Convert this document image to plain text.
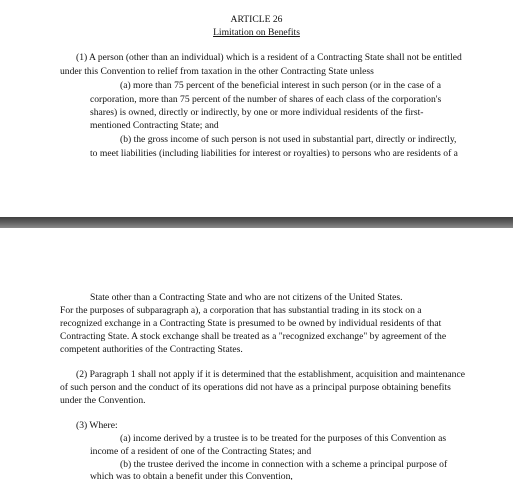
ARTICLE 26
Limitation on Benefits
(1) A person (other than an individual) which is a resident of a Contracting State shall not be entitled
under this Convention to relief from taxation in the other Contracting State unless
(a) more than 75 percent of the beneficial interest in such person (or in the case of a
corporation, more than 75 percent of the number of shares of each class of the corporation's
shares) is owned, directly or indirectly, by one or more individual residents of the first-
mentioned Contracting State; and
(b) the gross income of such person is not used in substantial part, directly or indirectly,
to meet liabilities (including liabilities for interest or royalties) to persons who are residents of a
State other than a Contracting State and who are not citizens of the United States.
For the purposes of subparagraph a), a corporation that has substantial trading in its stock on a
recognized exchange in a Contracting State is presumed to be owned by individual residents of that
Contracting State. A stock exchange shall be treated as a "recognized exchange" by agreement of the
competent authorities of the Contracting States.
(2) Paragraph 1 shall not apply if it is determined that the establishment, acquisition and maintenance
of such person and the conduct of its operations did not have as a principal purpose obtaining benefits
under the Convention.
(3) Where:
(a) income derived by a trustee is to be treated for the purposes of this Convention as
income of a resident of one of the Contracting States; and
(b) the trustee derived the income in connection with a scheme a principal purpose of
which was to obtain a benefit under this Convention,
